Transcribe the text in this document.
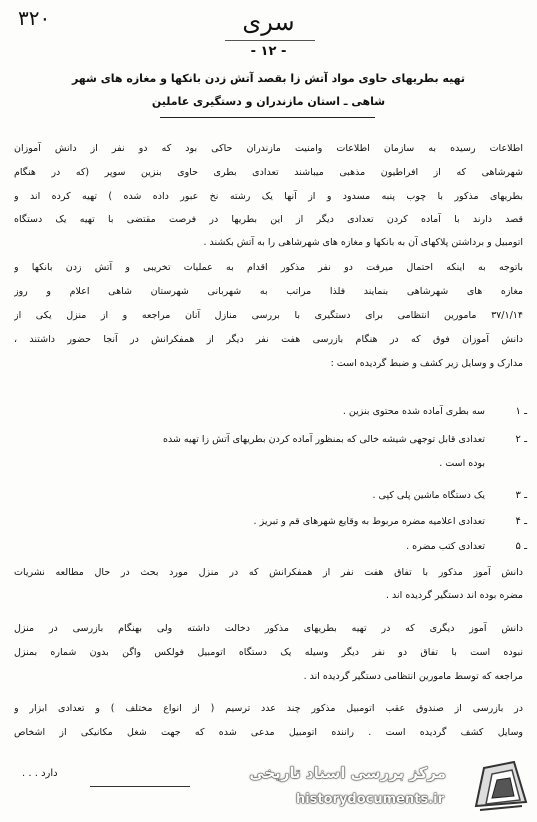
۳۲۰	سری
- ۱۲ -
تهیه بطریهای حاوی مواد آتش زا بقصد آتش زدن بانکها و مغازه های شهر
شاهی ـ استان مازندران و دستگیری عاملین
اطلاعات رسیده به سازمان اطلاعات وامنیت مازندران حاکی بود که دو نفر از دانش آموزان
شهرشاهی که از افراطیون مذهبی میباشند تعدادی بطری حاوی بنزین سوپر (که در هنگام
بطریهای مذکور با چوب پنبه مسدود و از آنها یک رشته نخ عبور داده شده ) تهیه کرده اند و
قصد دارند با آماده کردن تعدادی دیگر از این بطریها در فرصت مقتضی با تهیه یک دستگاه
اتومبیل و برداشتن پلاکهای آن به بانکها و مغازه های شهرشاهی را به آتش بکشند .
باتوجه به اینکه احتمال میرفت دو نفر مذکور اقدام به عملیات تخریبی و آتش زدن بانکها و
مغازه های شهرشاهی بنمایند فلذا مراتب به شهربانی شهرستان شاهی اعلام و روز
۳۷/۱/۱۴ مامورین انتظامی برای دستگیری با بررسی منازل آنان مراجعه و از منزل یکی از
دانش آموزان فوق که در هنگام بازرسی هفت نفر دیگر از همفکرانش در آنجا حضور داشتند ،
مدارک و وسایل زیر کشف و ضبط گردیده است :
۱ ـ
سه بطری آماده شده محتوی بنزین .
۲ ـ
تعدادی قابل توجهی شیشه خالی که بمنظور آماده کردن بطریهای آتش زا تهیه شده
بوده است .
۳ ـ
یک دستگاه ماشین پلی کپی .
۴ ـ
تعدادی اعلامیه مضره مربوط به وقایع شهرهای قم و تبریز .
۵ ـ
تعدادی کتب مضره .
دانش آموز مذکور با تفاق هفت نفر از همفکرانش که در منزل مورد بحث در حال مطالعه نشریات
مضره بوده اند دستگیر گردیده اند .
دانش آموز دیگری که در تهیه بطریهای مذکور دخالت داشته ولی بهنگام بازرسی در منزل
نبوده است با تفاق دو نفر دیگر وسیله یک دستگاه اتومبیل فولکس واگن بدون شماره بمنزل
مراجعه که توسط مامورین انتظامی دستگیر گردیده اند .
در بازرسی از صندوق عقب اتومبیل مذکور چند عدد ترسیم ( از انواع مختلف ) و تعدادی ابزار و
وسایل کشف گردیده است . راننده اتومبیل مدعی شده که جهت شغل مکانیکی از اشخاص
دارد . . .	مرکز بررسی اسناد تاریخی
historydocuments.ir
